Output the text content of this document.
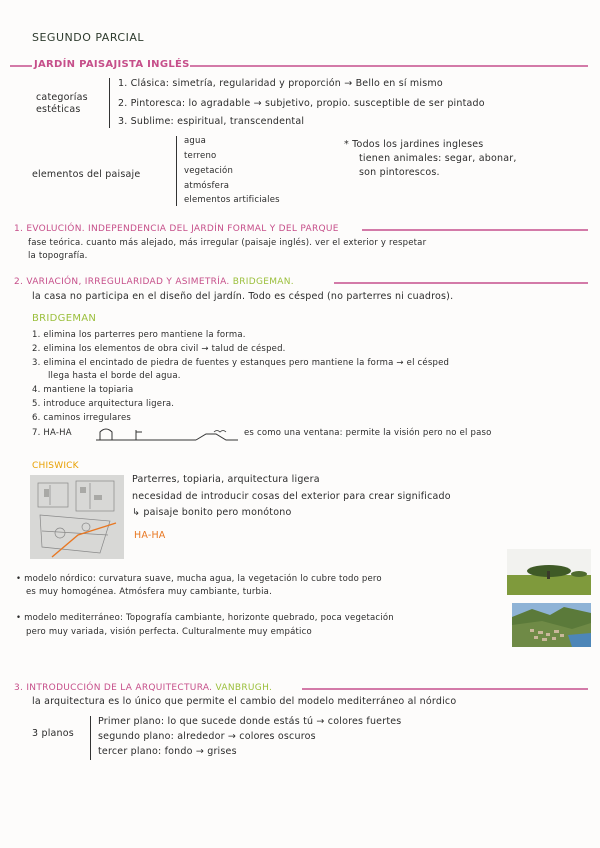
SEGUNDO PARCIAL
JARDÍN PAISAJISTA INGLÉS
categorías
estéticas
1. Clásica: simetría, regularidad y proporción → Bello en sí mismo
2. Pintoresca: lo agradable → subjetivo, propio. susceptible de ser pintado
3. Sublime: espiritual, transcendental
elementos del paisaje
agua
terreno
vegetación
atmósfera
elementos artificiales
* Todos los jardines ingleses
tienen animales: segar, abonar,
son pintorescos.
1. EVOLUCIÓN. INDEPENDENCIA DEL JARDÍN FORMAL Y DEL PARQUE
fase teórica. cuanto más alejado, más irregular (paisaje inglés). ver el exterior y respetar
la topografía.
2. VARIACIÓN, IRREGULARIDAD Y ASIMETRÍA. BRIDGEMAN.
la casa no participa en el diseño del jardín. Todo es césped (no parterres ni cuadros).
BRIDGEMAN
1. elimina los parterres pero mantiene la forma.
2. elimina los elementos de obra civil → talud de césped.
3. elimina el encintado de piedra de fuentes y estanques pero mantiene la forma → el césped
llega hasta el borde del agua.
4. mantiene la topiaria
5. introduce arquitectura ligera.
6. caminos irregulares
7. HA-HA	es como una ventana: permite la visión pero no el paso
CHISWICK
Parterres, topiaria, arquitectura ligera
necesidad de introducir cosas del exterior para crear significado
↳ paisaje bonito pero monótono
HA-HA
• modelo nórdico: curvatura suave, mucha agua, la vegetación lo cubre todo pero
es muy homogénea. Atmósfera muy cambiante, turbia.
• modelo mediterráneo: Topografía cambiante, horizonte quebrado, poca vegetación
pero muy variada, visión perfecta. Culturalmente muy empático
3. INTRODUCCIÓN DE LA ARQUITECTURA. VANBRUGH.
la arquitectura es lo único que permite el cambio del modelo mediterráneo al nórdico
3 planos
Primer plano: lo que sucede donde estás tú → colores fuertes
segundo plano: alrededor → colores oscuros
tercer plano: fondo → grises
